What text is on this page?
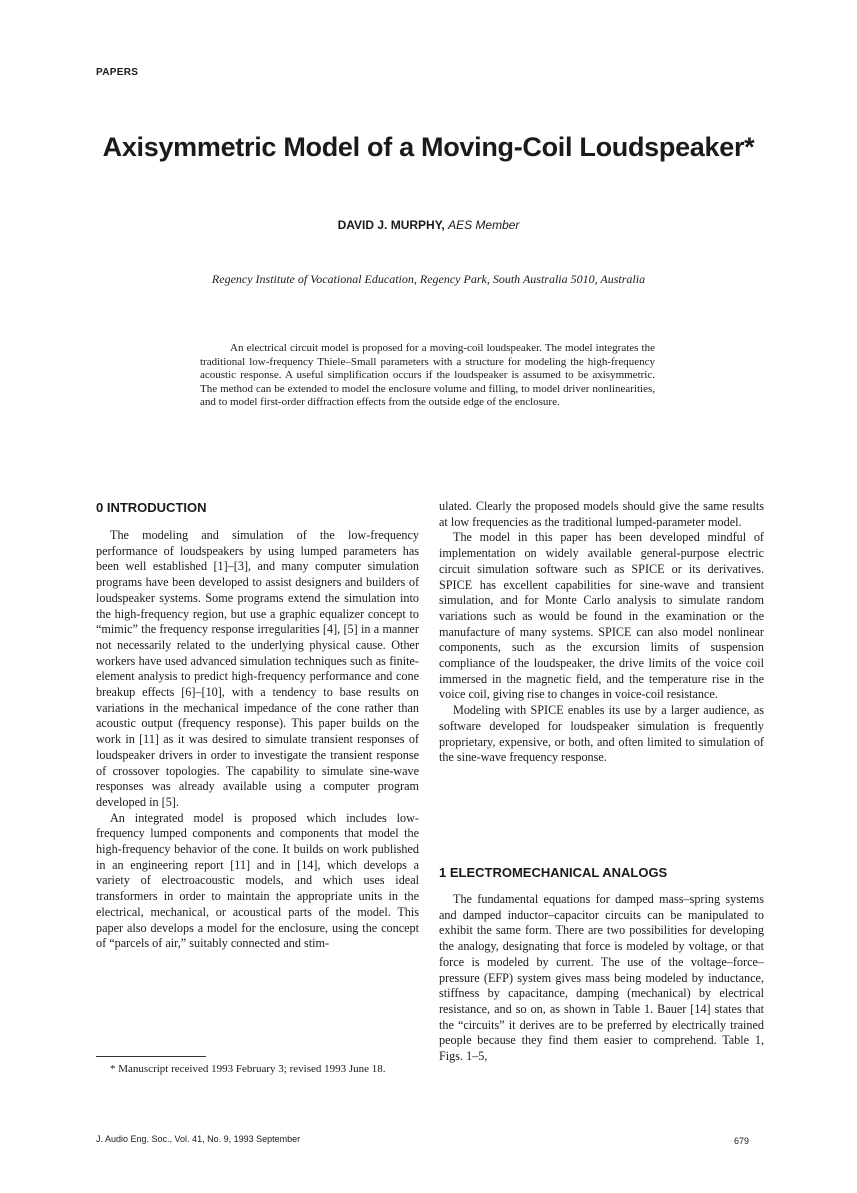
PAPERS
Axisymmetric Model of a Moving-Coil Loudspeaker*
DAVID J. MURPHY, AES Member
Regency Institute of Vocational Education, Regency Park, South Australia 5010, Australia
An electrical circuit model is proposed for a moving-coil loudspeaker. The model integrates the traditional low-frequency Thiele–Small parameters with a structure for modeling the high-frequency acoustic response. A useful simplification occurs if the loudspeaker is assumed to be axisymmetric. The method can be extended to model the enclosure volume and filling, to model driver nonlinearities, and to model first-order diffraction effects from the outside edge of the enclosure.
0 INTRODUCTION

The modeling and simulation of the low-frequency performance of loudspeakers by using lumped parameters has been well established [1]–[3], and many computer simulation programs have been developed to assist designers and builders of loudspeaker systems. Some programs extend the simulation into the high-frequency region, but use a graphic equalizer concept to “mimic” the frequency response irregularities [4], [5] in a manner not necessarily related to the underlying physical cause. Other workers have used advanced simulation techniques such as finite-element analysis to predict high-frequency performance and cone breakup effects [6]–[10], with a tendency to base results on variations in the mechanical impedance of the cone rather than acoustic output (frequency response). This paper builds on the work in [11] as it was desired to simulate transient responses of loudspeaker drivers in order to investigate the transient response of crossover topologies. The capability to simulate sine-wave responses was already available using a computer program developed in [5].

An integrated model is proposed which includes low-frequency lumped components and components that model the high-frequency behavior of the cone. It builds on work published in an engineering report [11] and in [14], which develops a variety of electroacoustic models, and which uses ideal transformers in order to maintain the appropriate units in the electrical, mechanical, or acoustical parts of the model. This paper also develops a model for the enclosure, using the concept of “parcels of air,” suitably connected and stim-

ulated. Clearly the proposed models should give the same results at low frequencies as the traditional lumped-parameter model.

The model in this paper has been developed mindful of implementation on widely available general-purpose electric circuit simulation software such as SPICE or its derivatives. SPICE has excellent capabilities for sine-wave and transient simulation, and for Monte Carlo analysis to simulate random variations such as would be found in the examination or the manufacture of many systems. SPICE can also model nonlinear components, such as the excursion limits of suspension compliance of the loudspeaker, the drive limits of the voice coil immersed in the magnetic field, and the temperature rise in the voice coil, giving rise to changes in voice-coil resistance.

Modeling with SPICE enables its use by a larger audience, as software developed for loudspeaker simulation is frequently proprietary, expensive, or both, and often limited to simulation of the sine-wave frequency response.

1 ELECTROMECHANICAL ANALOGS

The fundamental equations for damped mass–spring systems and damped inductor–capacitor circuits can be manipulated to exhibit the same form. There are two possibilities for developing the analogy, designating that force is modeled by voltage, or that force is modeled by current. The use of the voltage–force–pressure (EFP) system gives mass being modeled by inductance, stiffness by capacitance, damping (mechanical) by electrical resistance, and so on, as shown in Table 1. Bauer [14] states that the “circuits” it derives are to be preferred by electrically trained people because they find them easier to comprehend. Table 1, Figs. 1–5,

* Manuscript received 1993 February 3; revised 1993 June 18.
J. Audio Eng. Soc., Vol. 41, No. 9, 1993 September	679
